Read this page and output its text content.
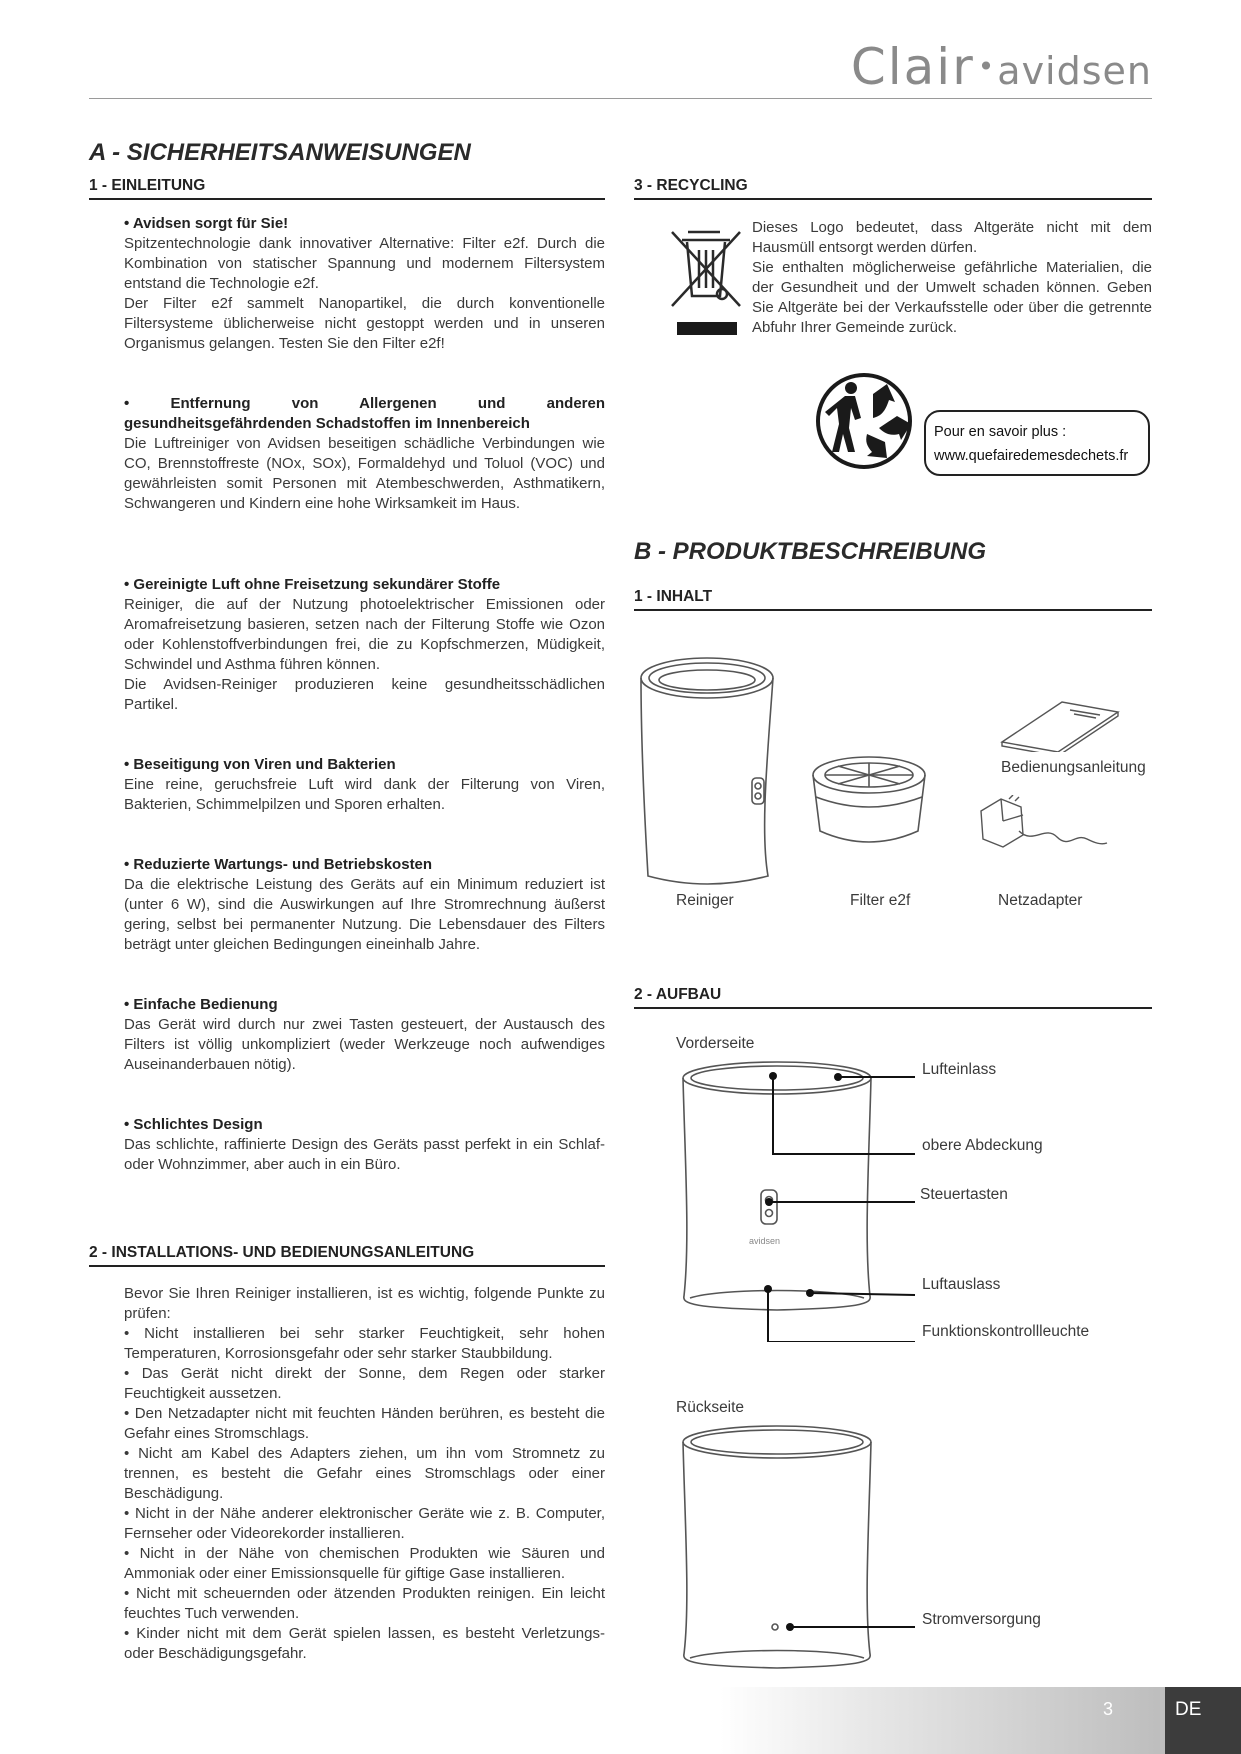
Clair •avidsen
A - SICHERHEITSANWEISUNGEN
1 - EINLEITUNG
• Avidsen sorgt für Sie!

Spitzentechnologie dank innovativer Alternative: Filter e2f. Durch die Kombination von statischer Spannung und modernem Filtersystem entstand die Technologie e2f.

Der Filter e2f sammelt Nanopartikel, die durch konventionelle Filtersysteme üblicherweise nicht gestoppt werden und in unseren Organismus gelangen. Testen Sie den Filter e2f!

• Entfernung von Allergenen und anderen gesundheitsgefährdenden Schadstoffen im Innenbereich

Die Luftreiniger von Avidsen beseitigen schädliche Verbindungen wie CO, Brennstoffreste (NOx, SOx), Formaldehyd und Toluol (VOC) und gewährleisten somit Personen mit Atembeschwerden, Asthmatikern, Schwangeren und Kindern eine hohe Wirksamkeit im Haus.

• Gereinigte Luft ohne Freisetzung sekundärer Stoffe

Reiniger, die auf der Nutzung photoelektrischer Emissionen oder Aromafreisetzung basieren, setzen nach der Filterung Stoffe wie Ozon oder Kohlenstoffverbindungen frei, die zu Kopfschmerzen, Müdigkeit, Schwindel und Asthma führen können.

Die Avidsen-Reiniger produzieren keine gesundheitsschädlichen Partikel.

• Beseitigung von Viren und Bakterien

Eine reine, geruchsfreie Luft wird dank der Filterung von Viren, Bakterien, Schimmelpilzen und Sporen erhalten.

• Reduzierte Wartungs- und Betriebskosten

Da die elektrische Leistung des Geräts auf ein Minimum reduziert ist (unter 6 W), sind die Auswirkungen auf Ihre Stromrechnung äußerst gering, selbst bei permanenter Nutzung. Die Lebensdauer des Filters beträgt unter gleichen Bedingungen eineinhalb Jahre.

• Einfache Bedienung

Das Gerät wird durch nur zwei Tasten gesteuert, der Austausch des Filters ist völlig unkompliziert (weder Werkzeuge noch aufwendiges Auseinanderbauen nötig).

• Schlichtes Design

Das schlichte, raffinierte Design des Geräts passt perfekt in ein Schlaf- oder Wohnzimmer, aber auch in ein Büro.

2 - INSTALLATIONS- UND BEDIENUNGSANLEITUNG

Bevor Sie Ihren Reiniger installieren, ist es wichtig, folgende Punkte zu prüfen:

• Nicht installieren bei sehr starker Feuchtigkeit, sehr hohen Temperaturen, Korrosionsgefahr oder sehr starker Staubbildung.

• Das Gerät nicht direkt der Sonne, dem Regen oder starker Feuchtigkeit aussetzen.

• Den Netzadapter nicht mit feuchten Händen berühren, es besteht die Gefahr eines Stromschlags.

• Nicht am Kabel des Adapters ziehen, um ihn vom Stromnetz zu trennen, es besteht die Gefahr eines Stromschlags oder einer Beschädigung.

• Nicht in der Nähe anderer elektronischer Geräte wie z. B. Computer, Fernseher oder Videorekorder installieren.

• Nicht in der Nähe von chemischen Produkten wie Säuren und Ammoniak oder einer Emissionsquelle für giftige Gase installieren.

• Nicht mit scheuernden oder ätzenden Produkten reinigen. Ein leicht feuchtes Tuch verwenden.

• Kinder nicht mit dem Gerät spielen lassen, es besteht Verletzungs- oder Beschädigungsgefahr.

3 - RECYCLING

Dieses Logo bedeutet, dass Altgeräte nicht mit dem Hausmüll entsorgt werden dürfen.

Sie enthalten möglicherweise gefährliche Materialien, die der Gesundheit und der Umwelt schaden können. Geben Sie Altgeräte bei der Verkaufsstelle oder über die getrennte Abfuhr Ihrer Gemeinde zurück.

Pour en savoir plus :
www.quefairedemesdechets.fr
B - PRODUKTBESCHREIBUNG
1 - INHALT
Bedienungsanleitung
Reiniger	Filter e2f	Netzadapter
2 - AUFBAU
Vorderseite
avidsen
Lufteinlass
obere Abdeckung
Steuertasten
Luftauslass
Funktionskontrollleuchte
Rückseite
Stromversorgung
3	DE
